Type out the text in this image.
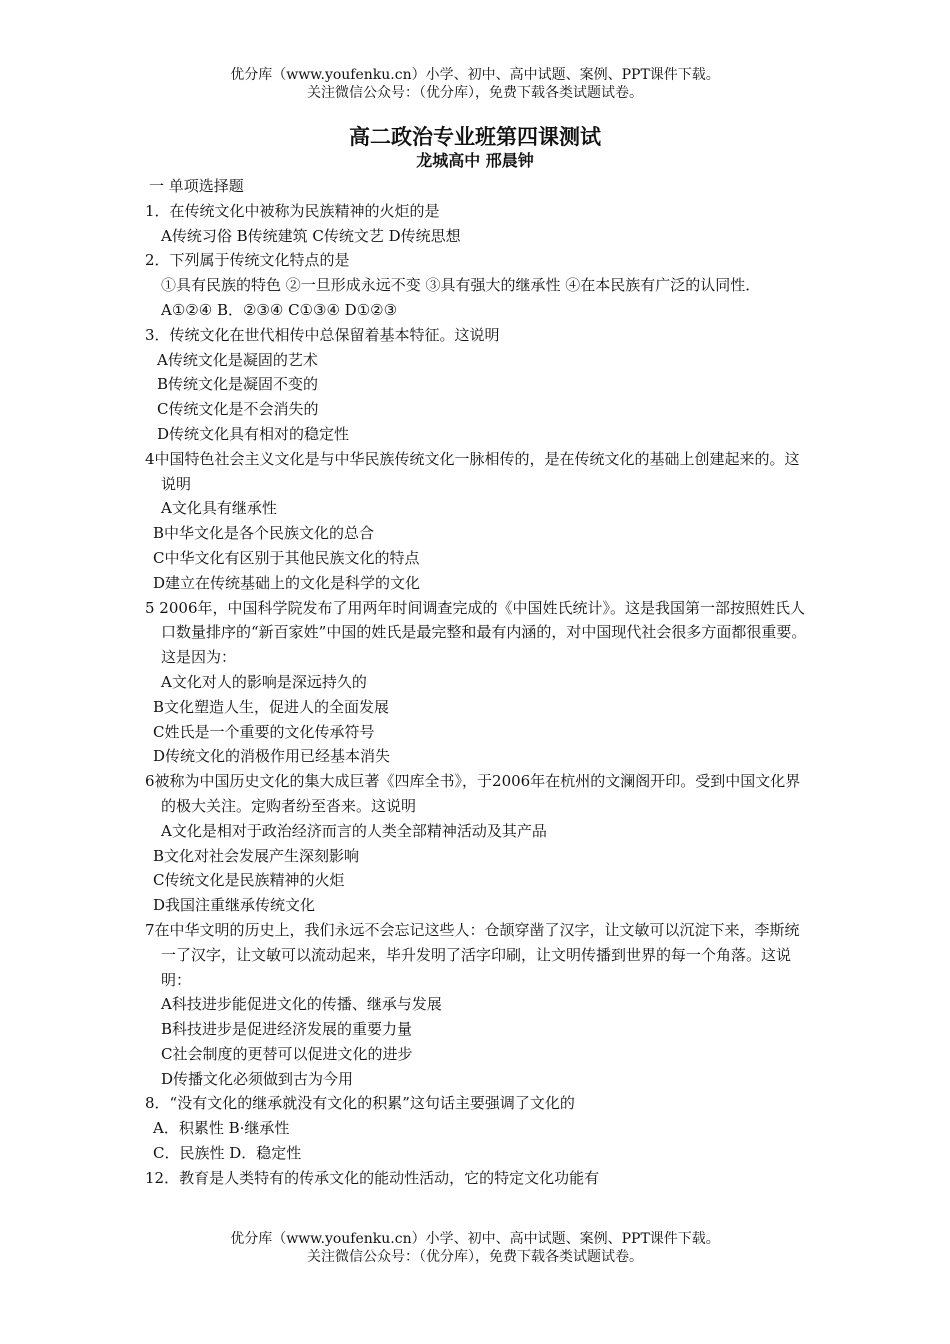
优分库（www.youfenku.cn）小学、初中、高中试题、案例、PPT课件下载。
关注微信公众号：（优分库），免费下载各类试题试卷。
高二政治专业班第四课测试
龙城高中 邢晨钟
一 单项选择题
1．在传统文化中被称为民族精神的火炬的是
A传统习俗 B传统建筑 C传统文艺 D传统思想
2．下列属于传统文化特点的是
①具有民族的特色 ②一旦形成永远不变 ③具有强大的继承性 ④在本民族有广泛的认同性．
A①②④ B．②③④ C①③④ D①②③
3．传统文化在世代相传中总保留着基本特征。这说明
A传统文化是凝固的艺术
B传统文化是凝固不变的
C传统文化是不会消失的
D传统文化具有相对的稳定性
4中国特色社会主义文化是与中华民族传统文化一脉相传的，是在传统文化的基础上创建起来的。这说明
A文化具有继承性
B中华文化是各个民族文化的总合
C中华文化有区别于其他民族文化的特点
D建立在传统基础上的文化是科学的文化
5 2006年，中国科学院发布了用两年时间调查完成的《中国姓氏统计》。这是我国第一部按照姓氏人口数量排序的“新百家姓”中国的姓氏是最完整和最有内涵的，对中国现代社会很多方面都很重要。这是因为：
A文化对人的影响是深远持久的
B文化塑造人生，促进人的全面发展
C姓氏是一个重要的文化传承符号
D传统文化的消极作用已经基本消失
6被称为中国历史文化的集大成巨著《四库全书》，于2006年在杭州的文澜阁开印。受到中国文化界的极大关注。定购者纷至沓来。这说明
A文化是相对于政治经济而言的人类全部精神活动及其产品
B文化对社会发展产生深刻影响
C传统文化是民族精神的火炬
D我国注重继承传统文化
7在中华文明的历史上，我们永远不会忘记这些人：仓颉穿凿了汉字，让文敏可以沉淀下来，李斯统一了汉字，让文敏可以流动起来，毕升发明了活字印刷，让文明传播到世界的每一个角落。这说明：
A科技进步能促进文化的传播、继承与发展
B科技进步是促进经济发展的重要力量
C社会制度的更替可以促进文化的进步
D传播文化必须做到古为今用
8．“没有文化的继承就没有文化的积累”这句话主要强调了文化的
A．积累性 B·继承性
C．民族性 D．稳定性
12．教育是人类特有的传承文化的能动性活动，它的特定文化功能有
优分库（www.youfenku.cn）小学、初中、高中试题、案例、PPT课件下载。
关注微信公众号：（优分库），免费下载各类试题试卷。
